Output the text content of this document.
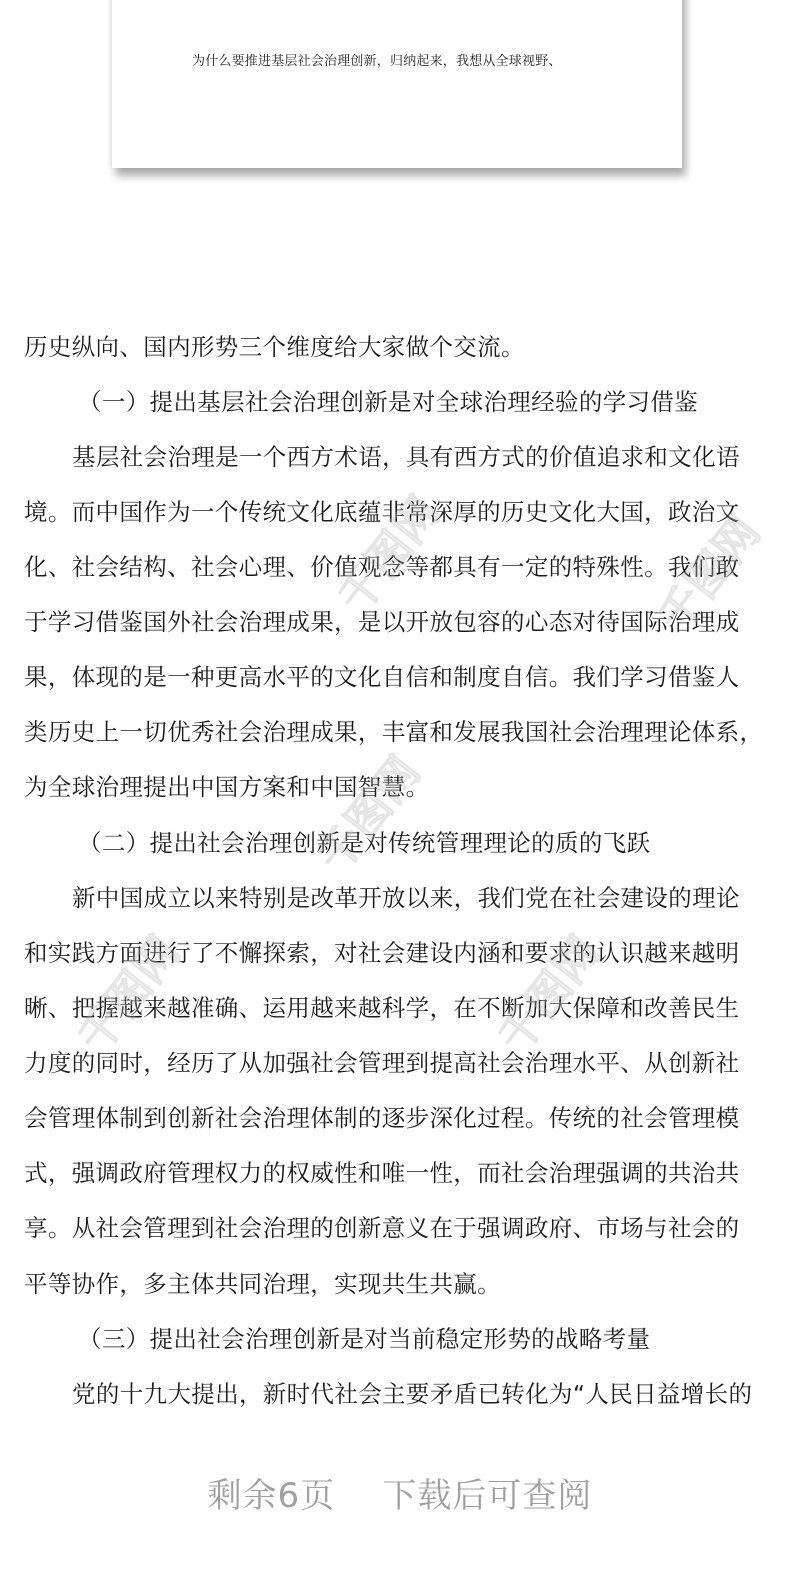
为什么要推进基层社会治理创新，归纳起来，我想从全球视野、
历史纵向、国内形势三个维度给大家做个交流。
（一）提出基层社会治理创新是对全球治理经验的学习借鉴
基层社会治理是一个西方术语，具有西方式的价值追求和文化语
境。而中国作为一个传统文化底蕴非常深厚的历史文化大国，政治文
化、社会结构、社会心理、价值观念等都具有一定的特殊性。我们敢
于学习借鉴国外社会治理成果，是以开放包容的心态对待国际治理成
果，体现的是一种更高水平的文化自信和制度自信。我们学习借鉴人
类历史上一切优秀社会治理成果，丰富和发展我国社会治理理论体系，
为全球治理提出中国方案和中国智慧。
（二）提出社会治理创新是对传统管理理论的质的飞跃
新中国成立以来特别是改革开放以来，我们党在社会建设的理论
和实践方面进行了不懈探索，对社会建设内涵和要求的认识越来越明
晰、把握越来越准确、运用越来越科学，在不断加大保障和改善民生
力度的同时，经历了从加强社会管理到提高社会治理水平、从创新社
会管理体制到创新社会治理体制的逐步深化过程。传统的社会管理模
式，强调政府管理权力的权威性和唯一性，而社会治理强调的共治共
享。从社会管理到社会治理的创新意义在于强调政府、市场与社会的
平等协作，多主体共同治理，实现共生共赢。
（三）提出社会治理创新是对当前稳定形势的战略考量
党的十九大提出，新时代社会主要矛盾已转化为“人民日益增长的
千图网
千图网
千图网	千图网
千图网
剩余6页 下载后可查阅
